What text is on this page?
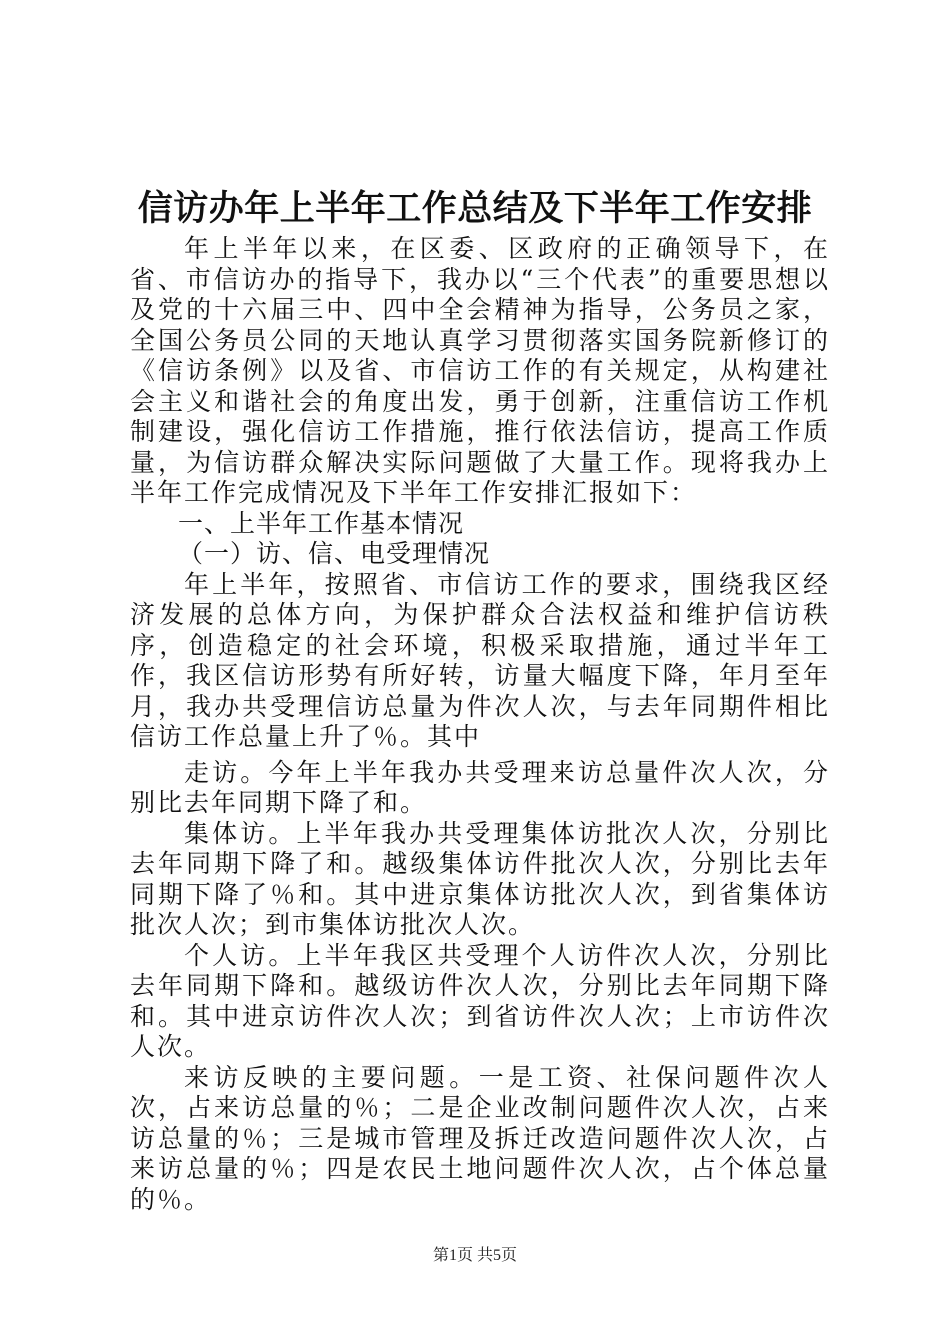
信访办年上半年工作总结及下半年工作安排

年上半年以来，在区委、区政府的正确领导下，在省、市信访办的指导下，我办以“三个代表”的重要思想以及党的十六届三中、四中全会精神为指导，公务员之家，全国公务员公同的天地认真学习贯彻落实国务院新修订的《信访条例》以及省、市信访工作的有关规定，从构建社会主义和谐社会的角度出发，勇于创新，注重信访工作机制建设，强化信访工作措施，推行依法信访，提高工作质量，为信访群众解决实际问题做了大量工作。现将我办上半年工作完成情况及下半年工作安排汇报如下：

一、上半年工作基本情况
（一）访、信、电受理情况

年上半年，按照省、市信访工作的要求，围绕我区经济发展的总体方向，为保护群众合法权益和维护信访秩序，创造稳定的社会环境，积极采取措施，通过半年工作，我区信访形势有所好转，访量大幅度下降，年月至年月，我办共受理信访总量为件次人次，与去年同期件相比信访工作总量上升了％。其中

走访。今年上半年我办共受理来访总量件次人次，分别比去年同期下降了和。

集体访。上半年我办共受理集体访批次人次，分别比去年同期下降了和。越级集体访件批次人次，分别比去年同期下降了％和。其中进京集体访批次人次，到省集体访批次人次；到市集体访批次人次。

个人访。上半年我区共受理个人访件次人次，分别比去年同期下降和。越级访件次人次，分别比去年同期下降和。其中进京访件次人次；到省访件次人次；上市访件次人次。

来访反映的主要问题。一是工资、社保问题件次人次，占来访总量的％；二是企业改制问题件次人次，占来访总量的％；三是城市管理及拆迁改造问题件次人次，占来访总量的％；四是农民土地问题件次人次，占个体总量的％。

第1页 共5页
